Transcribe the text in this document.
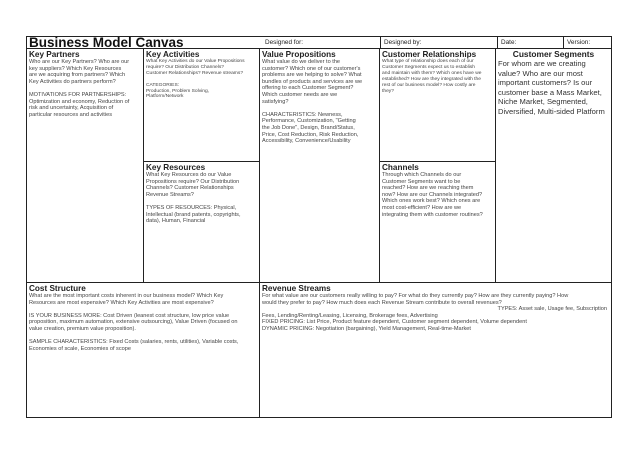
Business Model Canvas	Designed for:	Designed by:	Date:	Version:
Key Partners
Who are our Key Partners? Who are our
key suppliers? Which Key Resources
are we acquiring from partners? Which
Key Activities do partners perform?

MOTIVATIONS FOR PARTNERSHIPS:
Optimization and economy, Reduction of
risk and uncertainty, Acquisition of
particular resources and activities
Key Activities
What Key Activities do our Value Propositions
require? Our Distribution Channels?
Customer Relationships? Revenue streams?

CATEGORIES:
Production, Problem Solving,
Platform/Network
Key Resources
What Key Resources do our Value
Propositions require? Our Distribution
Channels? Customer Relationships
Revenue Streams?

TYPES OF RESOURCES: Physical,
Intellectual (brand patents, copyrights,
data), Human, Financial
Value Propositions
What value do we deliver to the
customer? Which one of our customer's
problems are we helping to solve? What
bundles of products and services are we
offering to each Customer Segment?
Which customer needs are we
satisfying?

CHARACTERISTICS: Newness,
Performance, Customization, "Getting
the Job Done", Design, Brand/Status,
Price, Cost Reduction, Risk Reduction,
Accessibility, Convenience/Usability
Customer Relationships
What type of relationship does each of our
Customer Segments expect us to establish
and maintain with them? Which ones have we
established? How are they integrated with the
rest of our business model? How costly are
they?
Channels
Through which Channels do our
Customer Segments want to be
reached? How are we reaching them
now? How are our Channels integrated?
Which ones work best? Which ones are
most cost-efficient? How are we
integrating them with customer routines?
Customer Segments
For whom are we creating
value? Who are our most
important customers? Is our
customer base a Mass Market,
Niche Market, Segmented,
Diversified, Multi-sided Platform
Cost Structure
What are the most important costs inherent in our business model? Which Key
Resources are most expensive? Which Key Activities are most expensive?

IS YOUR BUSINESS MORE: Cost Driven (leanest cost structure, low price value
proposition, maximum automation, extensive outsourcing), Value Driven (focused on
value creation, premium value proposition).

SAMPLE CHARACTERISTICS: Fixed Costs (salaries, rents, utilities), Variable costs,
Economies of scale, Economies of scope
Revenue Streams
For what value are our customers really willing to pay? For what do they currently pay? How are they currently paying? How
would they prefer to pay? How much does each Revenue Stream contribute to overall revenues?
TYPES: Asset sale, Usage fee, Subscription
Fees, Lending/Renting/Leasing, Licensing, Brokerage fees, Advertising
FIXED PRICING: List Price, Product feature dependent, Customer segment dependent, Volume dependent
DYNAMIC PRICING: Negotiation (bargaining), Yield Management, Real-time-Market
